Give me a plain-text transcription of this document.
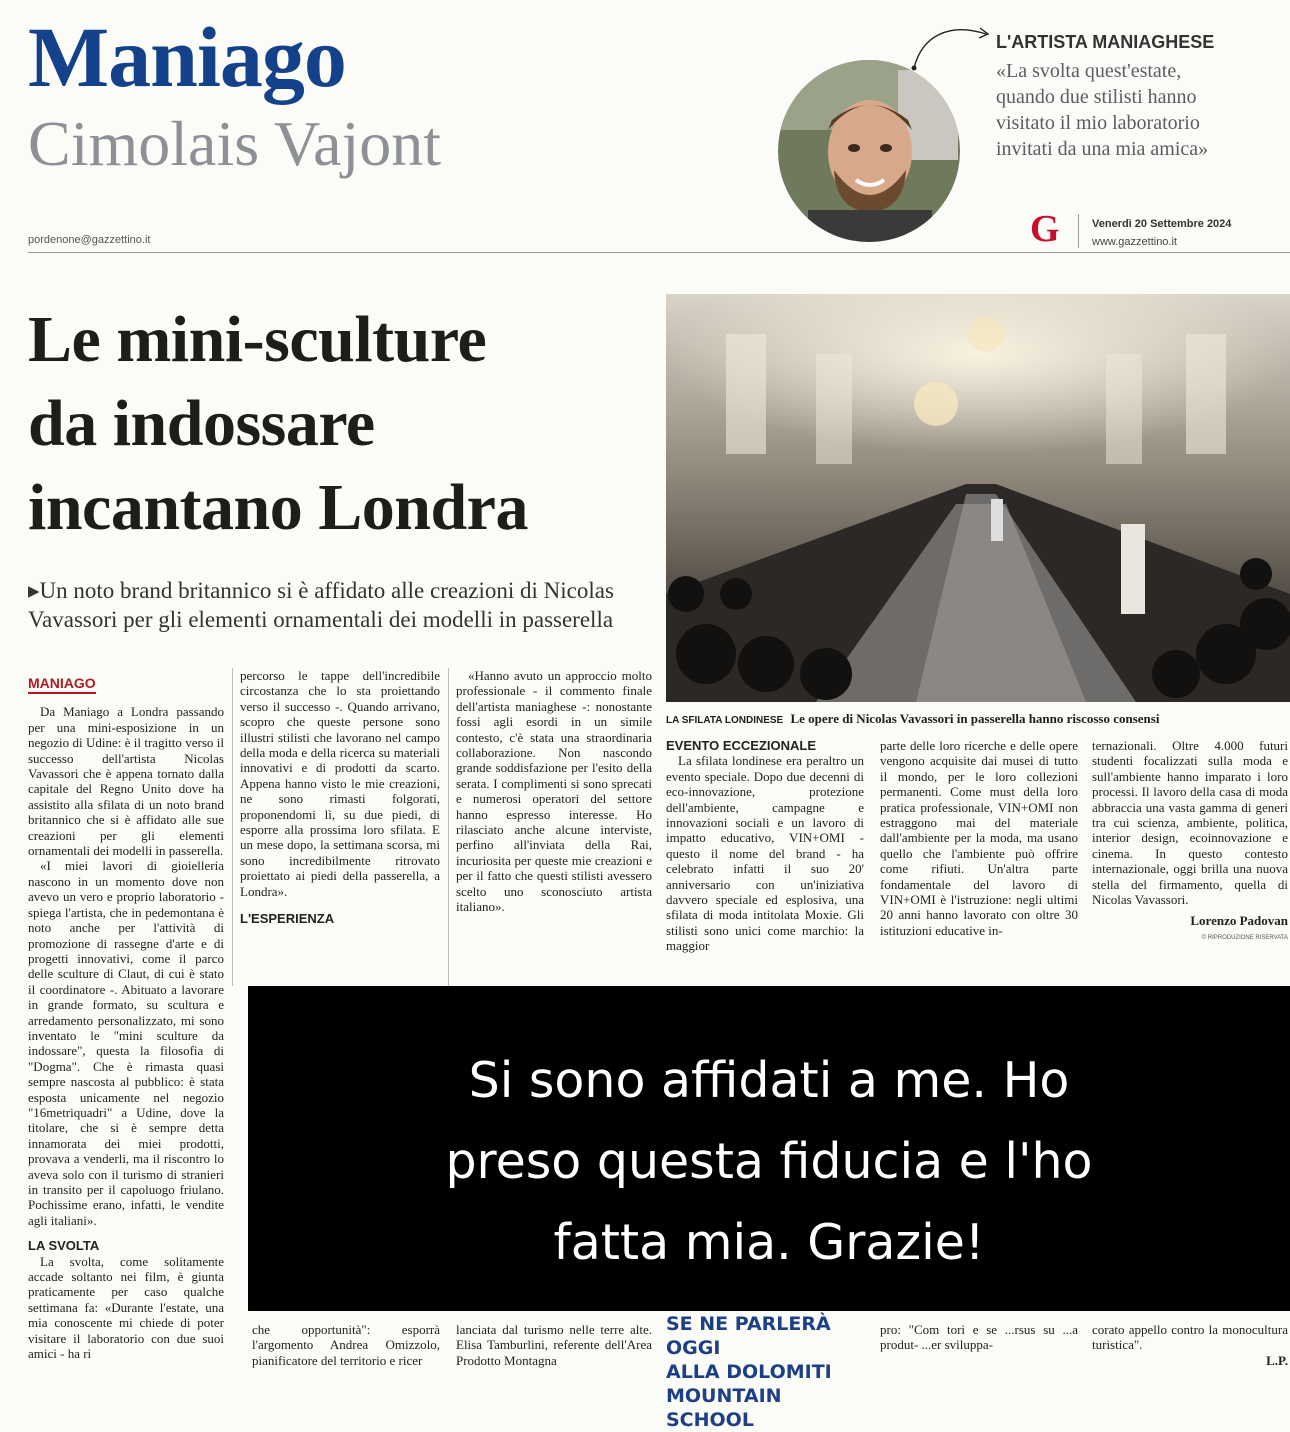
Maniago
Cimolais Vajont
pordenone@gazzettino.it
L'ARTISTA MANIAGHESE
«La svolta quest'estate,
quando due stilisti hanno
visitato il mio laboratorio
invitati da una mia amica»
G	Venerdì 20 Settembre 2024
www.gazzettino.it
Le mini-sculture
da indossare
incantano Londra
▸Un noto brand britannico si è affidato alle creazioni di Nicolas
Vavassori per gli elementi ornamentali dei modelli in passerella
LA SFILATA LONDINESE Le opere di Nicolas Vavassori in passerella hanno riscosso consensi
MANIAGO

Da Maniago a Londra passando per una mini-esposizione in un negozio di Udine: è il tragitto verso il successo dell'artista Nicolas Vavassori che è appena tornato dalla capitale del Regno Unito dove ha assistito alla sfilata di un noto brand britannico che si è affidato alle sue creazioni per gli elementi ornamentali dei modelli in passerella.

«I miei lavori di gioielleria nascono in un momento dove non avevo un vero e proprio laboratorio - spiega l'artista, che in pedemontana è noto anche per l'attività di promozione di rassegne d'arte e di progetti innovativi, come il parco delle sculture di Claut, di cui è stato il coordinatore -. Abituato a lavorare in grande formato, su scultura e arredamento personalizzato, mi sono inventato le "mini sculture da indossare", questa la filosofia di "Dogma". Che è rimasta quasi sempre nascosta al pubblico: è stata esposta unicamente nel negozio "16metriquadri" a Udine, dove la titolare, che si è sempre detta innamorata dei miei prodotti, provava a venderli, ma il riscontro lo aveva solo con il turismo di stranieri in transito per il capoluogo friulano. Pochissime erano, infatti, le vendite agli italiani».

LA SVOLTA

La svolta, come solitamente accade soltanto nei film, è giunta praticamente per caso qualche settimana fa: «Durante l'estate, una mia conoscente mi chiede di poter visitare il laboratorio con due suoi amici - ha ri

percorso le tappe dell'incredibile circostanza che lo sta proiettando verso il successo -. Quando arrivano, scopro che queste persone sono illustri stilisti che lavorano nel campo della moda e della ricerca su materiali innovativi e di prodotti da scarto. Appena hanno visto le mie creazioni, ne sono rimasti folgorati, proponendomi lì, su due piedi, di esporre alla prossima loro sfilata. E un mese dopo, la settimana scorsa, mi sono incredibilmente ritrovato proiettato ai piedi della passerella, a Londra».

L'ESPERIENZA

che opportunità": esporrà l'argomento Andrea Omizzolo, pianificatore del territorio e ricer

«Hanno avuto un approccio molto professionale - il commento finale dell'artista maniaghese -: nonostante fossi agli esordi in un simile contesto, c'è stata una straordinaria collaborazione. Non nascondo grande soddisfazione per l'esito della serata. I complimenti si sono sprecati e numerosi operatori del settore hanno espresso interesse. Ho rilasciato anche alcune interviste, perfino all'inviata della Rai, incuriosita per queste mie creazioni e per il fatto che questi stilisti avessero scelto uno sconosciuto artista italiano».

lanciata dal turismo nelle terre alte. Elisa Tamburlini, referente dell'Area Prodotto Montagna

EVENTO ECCEZIONALE

La sfilata londinese era peraltro un evento speciale. Dopo due decenni di eco-innovazione, protezione dell'ambiente, campagne e innovazioni sociali e un lavoro di impatto educativo, VIN+OMI - questo il nome del brand - ha celebrato infatti il suo 20' anniversario con un'iniziativa davvero speciale ed esplosiva, una sfilata di moda intitolata Moxie. Gli stilisti sono unici come marchio: la maggior

SE NE PARLERÀ OGGI
ALLA DOLOMITI
MOUNTAIN SCHOOL

parte delle loro ricerche e delle opere vengono acquisite dai musei di tutto il mondo, per le loro collezioni permanenti. Come must della loro pratica professionale, VIN+OMI non estraggono mai del materiale dall'ambiente per la moda, ma usano quello che l'ambiente può offrire come rifiuti. Un'altra parte fondamentale del lavoro di VIN+OMI è l'istruzione: negli ultimi 20 anni hanno lavorato con oltre 30 istituzioni educative in-

pro: "Com tori e se ...rsus su ...a produt- ...er sviluppa-

ternazionali. Oltre 4.000 futuri studenti focalizzati sulla moda e sull'ambiente hanno imparato i loro processi. Il lavoro della casa di moda abbraccia una vasta gamma di generi tra cui scienza, ambiente, politica, interior design, ecoinnovazione e cinema. In questo contesto internazionale, oggi brilla una nuova stella del firmamento, quella di Nicolas Vavassori.

Lorenzo Padovan
© RIPRODUZIONE RISERVATA

corato appello contro la monocultura turistica".

L.P.
Si sono affidati a me. Ho
preso questa fiducia e l'ho
fatta mia. Grazie!
